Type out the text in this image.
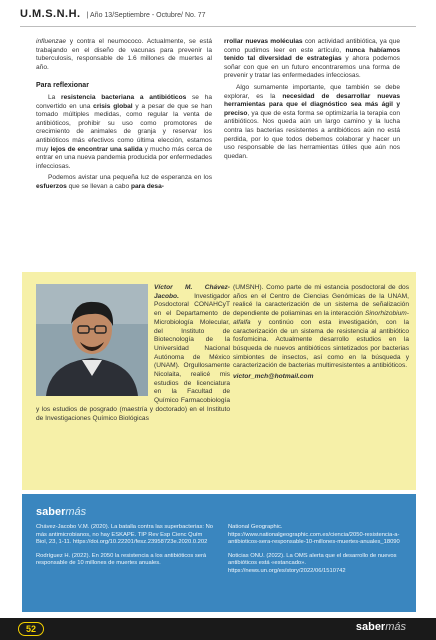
U.M.S.N.H. | Año 13/Septiembre - Octubre/ No. 77

influenzae y contra el neumococo. Actualmente, se está trabajando en el diseño de vacunas para prevenir la tuberculosis, responsable de 1.6 millones de muertes al año.

Para reflexionar

La resistencia bacteriana a antibióticos se ha convertido en una crisis global y a pesar de que se han tomado múltiples medidas, como regular la venta de antibióticos, prohibir su uso como promotores de crecimiento de animales de granja y reservar los antibióticos más efectivos como última elección, estamos muy lejos de encontrar una salida y mucho más cerca de entrar en una nueva pandemia producida por enfermedades infecciosas.

Podemos avistar una pequeña luz de esperanza en los esfuerzos que se llevan a cabo para desa-

rrollar nuevas moléculas con actividad antibiótica, ya que como pudimos leer en este artículo, nunca habíamos tenido tal diversidad de estrategias y ahora podemos soñar con que en un futuro encontraremos una forma de prevenir y tratar las enfermedades infecciosas.

Algo sumamente importante, que también se debe explorar, es la necesidad de desarrollar nuevas herramientas para que el diagnóstico sea más ágil y preciso, ya que de esta forma se optimizaría la terapia con antibióticos. Nos queda aún un largo camino y la lucha contra las bacterias resistentes a antibióticos aún no está perdida, por lo que todos debemos colaborar y hacer un uso responsable de las herramientas útiles que aún nos quedan.

Víctor M. Chávez-Jacobo. Investigador Posdoctoral CONAHCyT en el Departamento de Microbiología Molecular, del Instituto de Biotecnología de la Universidad Nacional Autónoma de México (UNAM). Orgullosamente Nicolaita, realicé mis estudios de licenciatura en la Facultad de Químico Farmacobiología y los estudios de posgrado (maestría y doctorado) en el Instituto de Investigaciones Químico Biológicas
(UMSNH). Como parte de mi estancia posdoctoral de dos años en el Centro de Ciencias Genómicas de la UNAM, realicé la caracterización de un sistema de señalización dependiente de poliaminas en la interacción Sinorhizobium-alfalfa y continúo con esta investigación, con la caracterización de un sistema de resistencia al antibiótico fosfomicina. Actualmente desarrollo estudios en la búsqueda de nuevos antibióticos sintetizados por bacterias simbiontes de insectos, así como en la búsqueda y caracterización de bacterias multirresistentes a antibióticos.
victor_mch@hotmail.com
sabermás

Chávez-Jacobo V.M. (2020). La batalla contra las superbacterias: No más antimicrobianos, no hay ESKAPE. TIP Rev Esp Cienc Quím Biol, 23, 1-11. https://doi.org/10.22201/fesz.23958723e.2020.0.202

Rodríguez H. (2022). En 2050 la resistencia a los antibióticos será responsable de 10 millones de muertes anuales.

National Geographic. https://www.nationalgeographic.com.es/ciencia/2050-resistencia-a-antibioticos-sera-responsable-10-millones-muertes-anuales_18090

Noticias ONU. (2022). La OMS alerta que el desarrollo de nuevos antibióticos está «estancado». https://news.un.org/es/story/2022/06/1510742

52	sabermás
